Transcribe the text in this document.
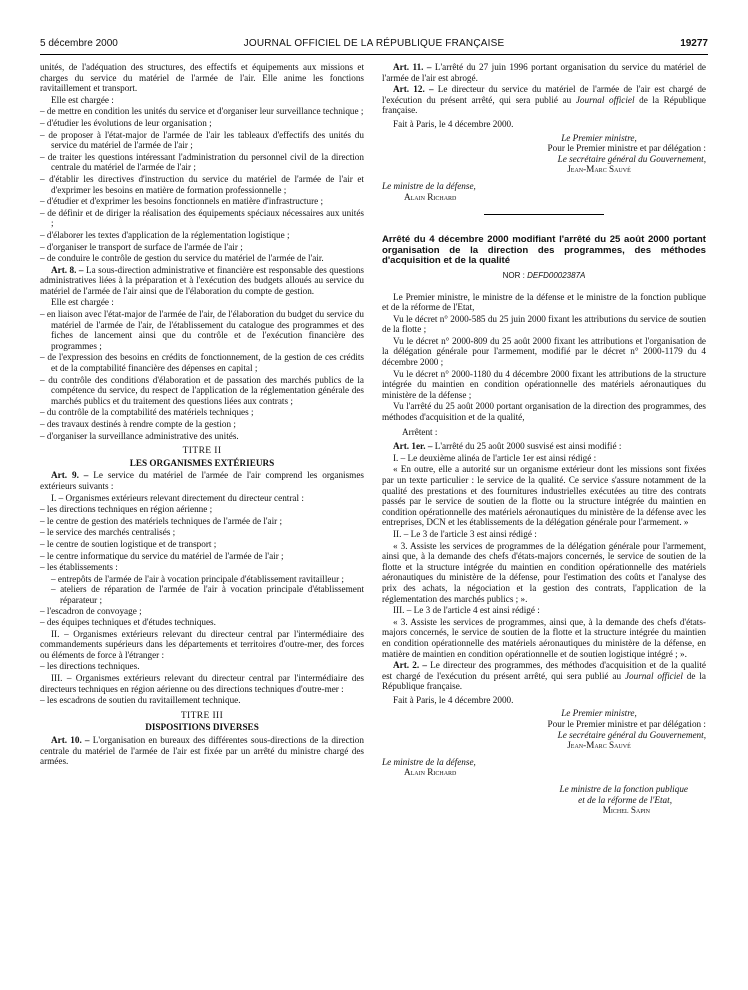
5 décembre 2000	JOURNAL OFFICIEL DE LA RÉPUBLIQUE FRANÇAISE	19277

unités, de l'adéquation des structures, des effectifs et équipements aux missions et charges du service du matériel de l'armée de l'air. Elle anime les fonctions ravitaillement et transport.

Elle est chargée :

– de mettre en condition les unités du service et d'organiser leur surveillance technique ;

– d'étudier les évolutions de leur organisation ;

– de proposer à l'état-major de l'armée de l'air les tableaux d'effectifs des unités du service du matériel de l'armée de l'air ;

– de traiter les questions intéressant l'administration du personnel civil de la direction centrale du matériel de l'armée de l'air ;

– d'établir les directives d'instruction du service du matériel de l'armée de l'air et d'exprimer les besoins en matière de formation professionnelle ;

– d'étudier et d'exprimer les besoins fonctionnels en matière d'infrastructure ;

– de définir et de diriger la réalisation des équipements spéciaux nécessaires aux unités ;

– d'élaborer les textes d'application de la réglementation logistique ;

– d'organiser le transport de surface de l'armée de l'air ;

– de conduire le contrôle de gestion du service du matériel de l'armée de l'air.

Art. 8. – La sous-direction administrative et financière est responsable des questions administratives liées à la préparation et à l'exécution des budgets alloués au service du matériel de l'armée de l'air ainsi que de l'élaboration du compte de gestion.

Elle est chargée :

– en liaison avec l'état-major de l'armée de l'air, de l'élaboration du budget du service du matériel de l'armée de l'air, de l'établissement du catalogue des programmes et des fiches de lancement ainsi que du contrôle et de l'exécution financière des programmes ;

– de l'expression des besoins en crédits de fonctionnement, de la gestion de ces crédits et de la comptabilité financière des dépenses en capital ;

– du contrôle des conditions d'élaboration et de passation des marchés publics de la compétence du service, du respect de l'application de la réglementation générale des marchés publics et du traitement des questions liées aux contrats ;

– du contrôle de la comptabilité des matériels techniques ;

– des travaux destinés à rendre compte de la gestion ;

– d'organiser la surveillance administrative des unités.

TITRE II

LES ORGANISMES EXTÉRIEURS

Art. 9. – Le service du matériel de l'armée de l'air comprend les organismes extérieurs suivants :

I. – Organismes extérieurs relevant directement du directeur central :

– les directions techniques en région aérienne ;

– le centre de gestion des matériels techniques de l'armée de l'air ;

– le service des marchés centralisés ;

– le centre de soutien logistique et de transport ;

– le centre informatique du service du matériel de l'armée de l'air ;

– les établissements :

– entrepôts de l'armée de l'air à vocation principale d'établissement ravitailleur ;

– ateliers de réparation de l'armée de l'air à vocation principale d'établissement réparateur ;

– l'escadron de convoyage ;

– des équipes techniques et d'études techniques.

II. – Organismes extérieurs relevant du directeur central par l'intermédiaire des commandements supérieurs dans les départements et territoires d'outre-mer, des forces ou éléments de force à l'étranger :

– les directions techniques.

III. – Organismes extérieurs relevant du directeur central par l'intermédiaire des directeurs techniques en région aérienne ou des directions techniques d'outre-mer :

– les escadrons de soutien du ravitaillement technique.

TITRE III

DISPOSITIONS DIVERSES

Art. 10. – L'organisation en bureaux des différentes sous-directions de la direction centrale du matériel de l'armée de l'air est fixée par un arrêté du ministre chargé des armées.

Art. 11. – L'arrêté du 27 juin 1996 portant organisation du service du matériel de l'armée de l'air est abrogé.

Art. 12. – Le directeur du service du matériel de l'armée de l'air est chargé de l'exécution du présent arrêté, qui sera publié au Journal officiel de la République française.

Fait à Paris, le 4 décembre 2000.

Le Premier ministre,

Pour le Premier ministre et par délégation :

Le secrétaire général du Gouvernement,

Jean-Marc Sauvé

Le ministre de la défense,

Alain Richard

Arrêté du 4 décembre 2000 modifiant l'arrêté du 25 août 2000 portant organisation de la direction des programmes, des méthodes d'acquisition et de la qualité

NOR : DEFD0002387A

Le Premier ministre, le ministre de la défense et le ministre de la fonction publique et de la réforme de l'Etat,

Vu le décret n° 2000-585 du 25 juin 2000 fixant les attributions du service de soutien de la flotte ;

Vu le décret n° 2000-809 du 25 août 2000 fixant les attributions et l'organisation de la délégation générale pour l'armement, modifié par le décret n° 2000-1179 du 4 décembre 2000 ;

Vu le décret n° 2000-1180 du 4 décembre 2000 fixant les attributions de la structure intégrée du maintien en condition opérationnelle des matériels aéronautiques du ministère de la défense ;

Vu l'arrêté du 25 août 2000 portant organisation de la direction des programmes, des méthodes d'acquisition et de la qualité,

Arrêtent :

Art. 1er. – L'arrêté du 25 août 2000 susvisé est ainsi modifié :

I. – Le deuxième alinéa de l'article 1er est ainsi rédigé :

« En outre, elle a autorité sur un organisme extérieur dont les missions sont fixées par un texte particulier : le service de la qualité. Ce service s'assure notamment de la qualité des prestations et des fournitures industrielles exécutées au titre des contrats passés par le service de soutien de la flotte ou la structure intégrée du maintien en condition opérationnelle des matériels aéronautiques du ministère de la défense avec les entreprises, DCN et les établissements de la délégation générale pour l'armement. »

II. – Le 3 de l'article 3 est ainsi rédigé :

« 3. Assiste les services de programmes de la délégation générale pour l'armement, ainsi que, à la demande des chefs d'états-majors concernés, le service de soutien de la flotte et la structure intégrée du maintien en condition opérationnelle des matériels aéronautiques du ministère de la défense, pour l'estimation des coûts et l'analyse des prix des achats, la négociation et la gestion des contrats, l'application de la réglementation des marchés publics ; ».

III. – Le 3 de l'article 4 est ainsi rédigé :

« 3. Assiste les services de programmes, ainsi que, à la demande des chefs d'états-majors concernés, le service de soutien de la flotte et la structure intégrée du maintien en condition opérationnelle des matériels aéronautiques du ministère de la défense, en matière de maintien en condition opérationnelle et de soutien logistique intégré ; ».

Art. 2. – Le directeur des programmes, des méthodes d'acquisition et de la qualité est chargé de l'exécution du présent arrêté, qui sera publié au Journal officiel de la République française.

Fait à Paris, le 4 décembre 2000.

Le Premier ministre,

Pour le Premier ministre et par délégation :

Le secrétaire général du Gouvernement,

Jean-Marc Sauvé

Le ministre de la défense,

Alain Richard

Le ministre de la fonction publique

et de la réforme de l'Etat,

Michel Sapin
